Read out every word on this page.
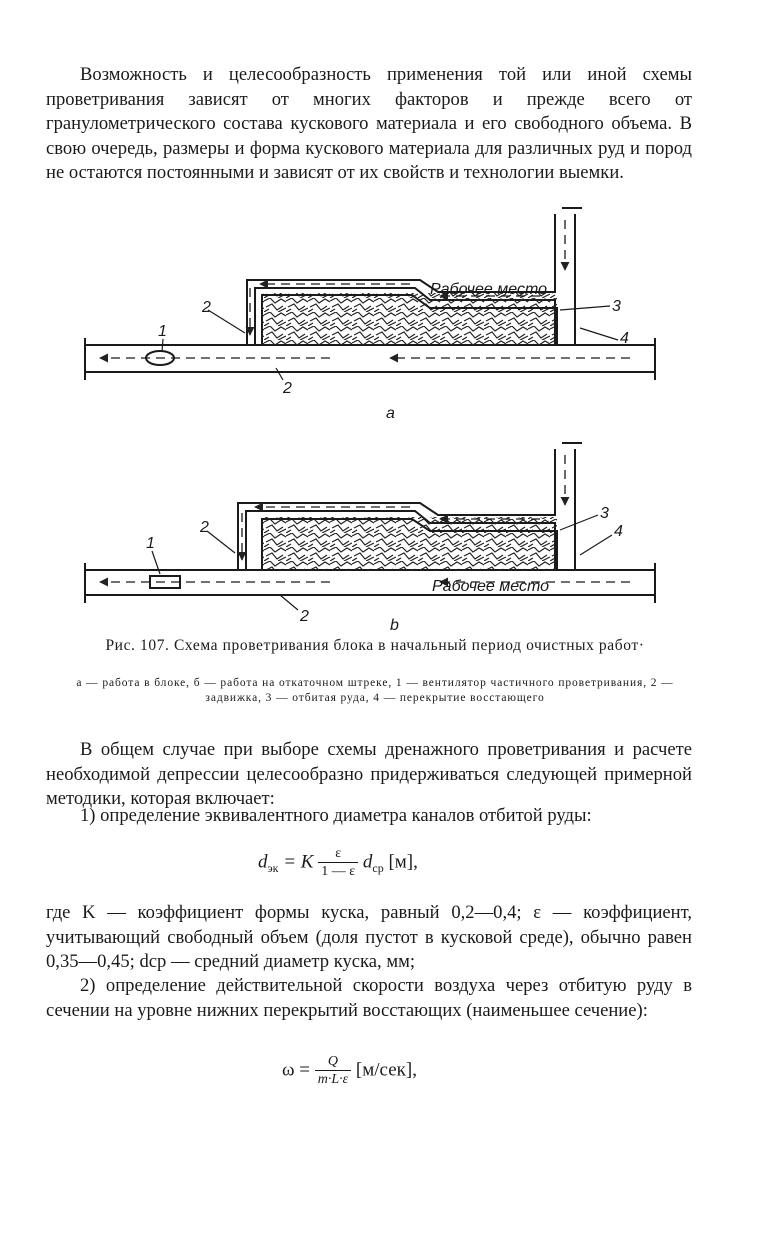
Возможность и целесообразность применения той или иной схемы проветривания зависят от многих факторов и прежде всего от гранулометрического состава кускового материала и его свободного объема. В свою очередь, размеры и форма кускового материала для различных руд и пород не остаются постоянными и зависят от их свойств и технологии выемки.

Рабочее место
1
2
2
3
4
a
Рабочее место
1
2
2
3
4
b

Рис. 107. Схема проветривания блока в начальный период очистных работ·

a — работа в блоке, б — работа на откаточном штреке, 1 — вентилятор частичного проветривания, 2 — задвижка, 3 — отбитая руда, 4 — перекрытие восстающего

В общем случае при выборе схемы дренажного проветривания и расчете необходимой депрессии целесообразно придерживаться следующей примерной методики, которая включает:

1) определение эквивалентного диаметра каналов отбитой руды:

$d_{эк} = K \frac{\varepsilon}{1 — \varepsilon} d_{ср}$ [м],

где K — коэффициент формы куска, равный 0,2—0,4; ε — коэффициент, учитывающий свободный объем (доля пустот в кусковой среде), обычно равен 0,35—0,45; dср — средний диаметр куска, мм;

2) определение действительной скорости воздуха через отбитую руду в сечении на уровне нижних перекрытий восстающих (наименьшее сечение):

$\omega = \frac{Q}{m\cdot L\cdot\varepsilon} [м/сек]$,
